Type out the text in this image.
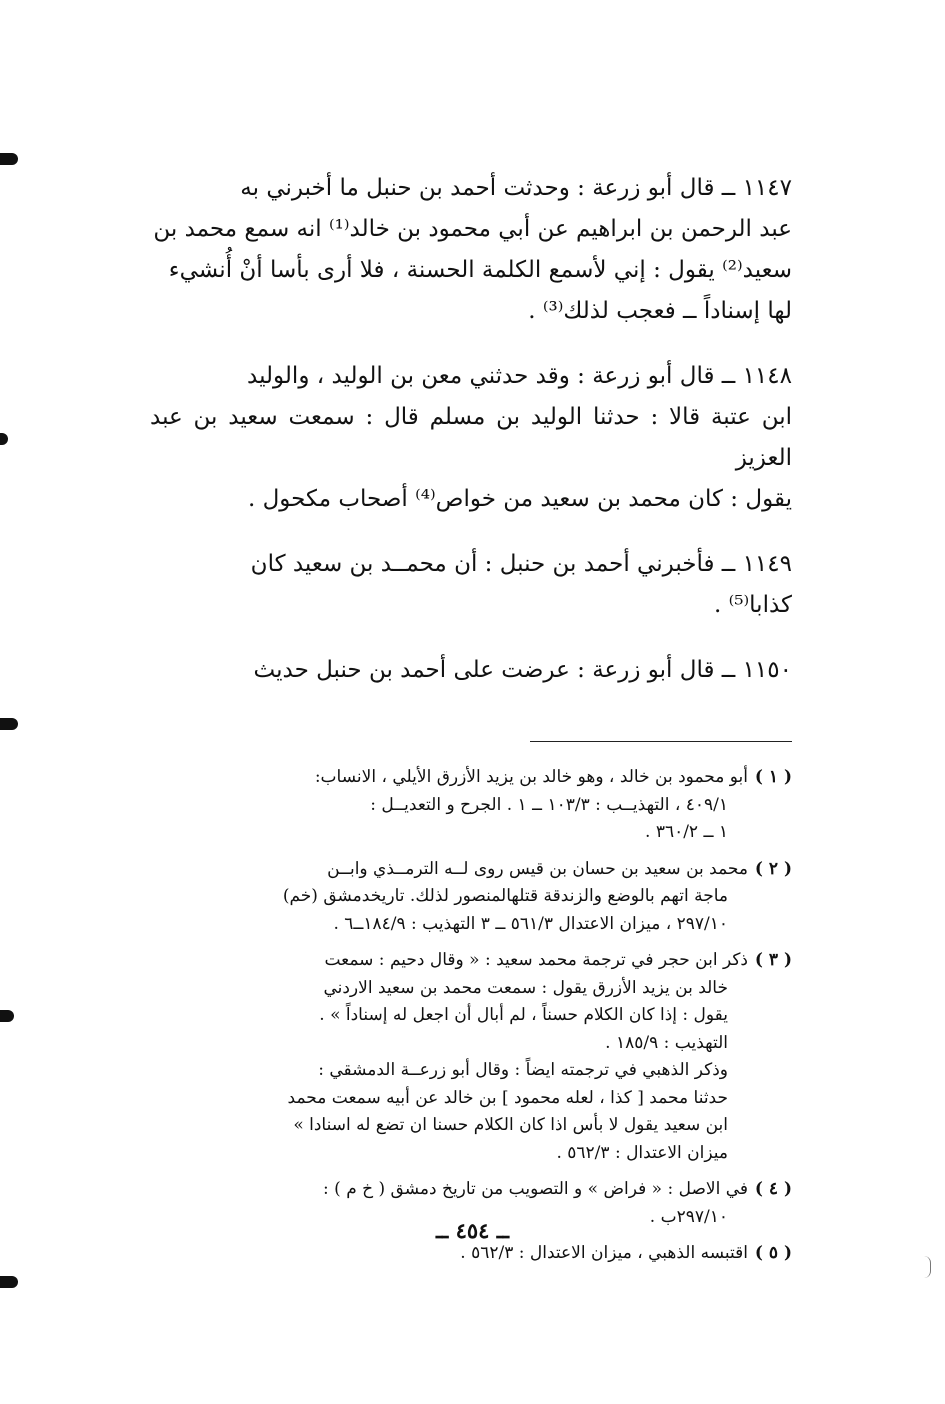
١١٤٧ ــ قال أبو زرعة : وحدثت أحمد بن حنبل ما أخبرني به
عبد الرحمن بن ابراهيم عن أبي محمود بن خالد⁽¹⁾ انه سمع محمد بن
سعيد⁽²⁾ يقول : إني لأسمع الكلمة الحسنة ، فلا أرى بأسا أنْ أُنشيء
لها إسناداً ــ فعجب لذلك⁽³⁾ .

١١٤٨ ــ قال أبو زرعة : وقد حدثني معن بن الوليد ، والوليد
ابن عتبة قالا : حدثنا الوليد بن مسلم قال : سمعت سعيد بن عبد العزيز
يقول : كان محمد بن سعيد من خواص⁽⁴⁾ أصحاب مكحول .

١١٤٩ ــ فأخبرني أحمد بن حنبل : أن محمــد بن سعيد كان
كذابا⁽⁵⁾ .

١١٥٠ ــ قال أبو زرعة : عرضت على أحمد بن حنبل حديث

( ١ )
أبو محمود بن خالد ، وهو خالد بن يزيد الأزرق الأيلي ، الانساب:
٤٠٩/١ ، التهذيــب : ١٠٣/٣ ــ ١ . الجرح و التعديــل :
١ ــ ٣٦٠/٢ .
( ٢ )
محمد بن سعيد بن حسان بن قيس روى لــه الترمــذي وابــن
ماجة اتهم بالوضع والزندقة قتلهالمنصور لذلك. تاريخدمشق (خم)
٢٩٧/١٠ ، ميزان الاعتدال ٥٦١/٣ ــ ٣ التهذيب : ١٨٤/٩ــ٦ .
( ٣ )
ذكر ابن حجر في ترجمة محمد سعيد : « وقال دحيم : سمعت
خالد بن يزيد الأزرق يقول : سمعت محمد بن سعيد الاردني
يقول : إذا كان الكلام حسناً ، لم أبال أن اجعل له إسناداً » .
التهذيب : ١٨٥/٩ .
وذكر الذهبي في ترجمته ايضاً : وقال أبو زرعــة الدمشقي :
حدثنا محمد [ كذا ، لعله محمود ] بن خالد عن أبيه سمعت محمد
ابن سعيد يقول لا بأس اذا كان الكلام حسنا ان تضع له اسنادا »
ميزان الاعتدال : ٥٦٢/٣ .
( ٤ )
في الاصل : « فراض » و التصويب من تاريخ دمشق ( خ م ) :
٢٩٧/١٠ب .
( ٥ )
اقتبسه الذهبي ، ميزان الاعتدال : ٥٦٢/٣ .
ــ ٤٥٤ ــ
